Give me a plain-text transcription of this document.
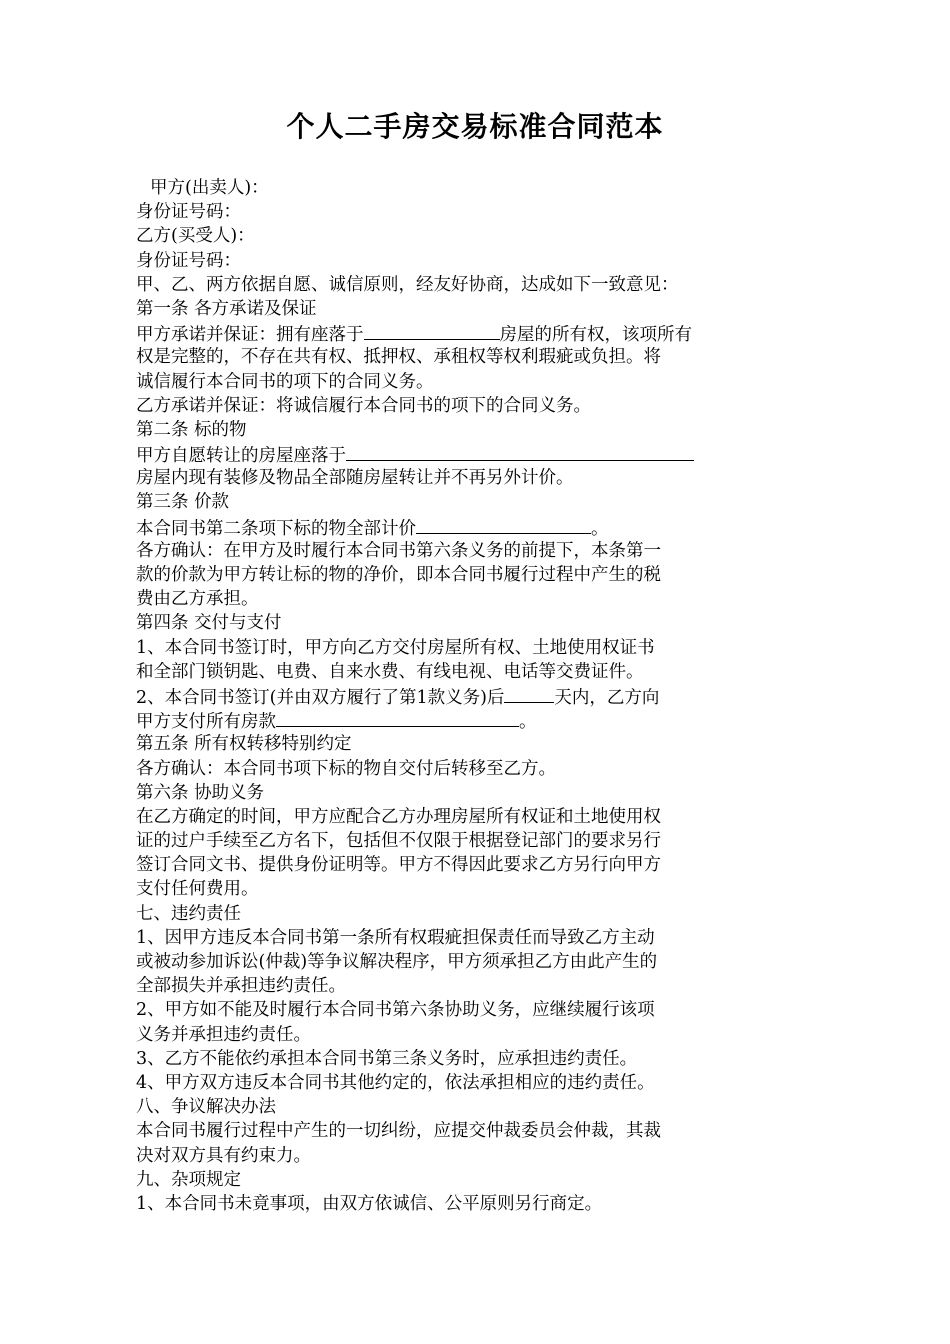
个人二手房交易标准合同范本
甲方(出卖人)：
身份证号码：
乙方(买受人)：
身份证号码：
甲、乙、两方依据自愿、诚信原则，经友好协商，达成如下一致意见：
第一条 各方承诺及保证
甲方承诺并保证：拥有座落于	房屋的所有权，该项所有
权是完整的，不存在共有权、抵押权、承租权等权利瑕疵或负担。将
诚信履行本合同书的项下的合同义务。
乙方承诺并保证：将诚信履行本合同书的项下的合同义务。
第二条 标的物
甲方自愿转让的房屋座落于
房屋内现有装修及物品全部随房屋转让并不再另外计价。
第三条 价款
本合同书第二条项下标的物全部计价	。
各方确认：在甲方及时履行本合同书第六条义务的前提下，本条第一
款的价款为甲方转让标的物的净价，即本合同书履行过程中产生的税
费由乙方承担。
第四条 交付与支付
1、本合同书签订时，甲方向乙方交付房屋所有权、土地使用权证书
和全部门锁钥匙、电费、自来水费、有线电视、电话等交费证件。
2、本合同书签订(并由双方履行了第1款义务)后	天内，乙方向
甲方支付所有房款	。
第五条 所有权转移特别约定
各方确认：本合同书项下标的物自交付后转移至乙方。
第六条 协助义务
在乙方确定的时间，甲方应配合乙方办理房屋所有权证和土地使用权
证的过户手续至乙方名下，包括但不仅限于根据登记部门的要求另行
签订合同文书、提供身份证明等。甲方不得因此要求乙方另行向甲方
支付任何费用。
七、违约责任
1、因甲方违反本合同书第一条所有权瑕疵担保责任而导致乙方主动
或被动参加诉讼(仲裁)等争议解决程序，甲方须承担乙方由此产生的
全部损失并承担违约责任。
2、甲方如不能及时履行本合同书第六条协助义务，应继续履行该项
义务并承担违约责任。
3、乙方不能依约承担本合同书第三条义务时，应承担违约责任。
4、甲方双方违反本合同书其他约定的，依法承担相应的违约责任。
八、争议解决办法
本合同书履行过程中产生的一切纠纷，应提交仲裁委员会仲裁，其裁
决对双方具有约束力。
九、杂项规定
1、本合同书未竟事项，由双方依诚信、公平原则另行商定。
